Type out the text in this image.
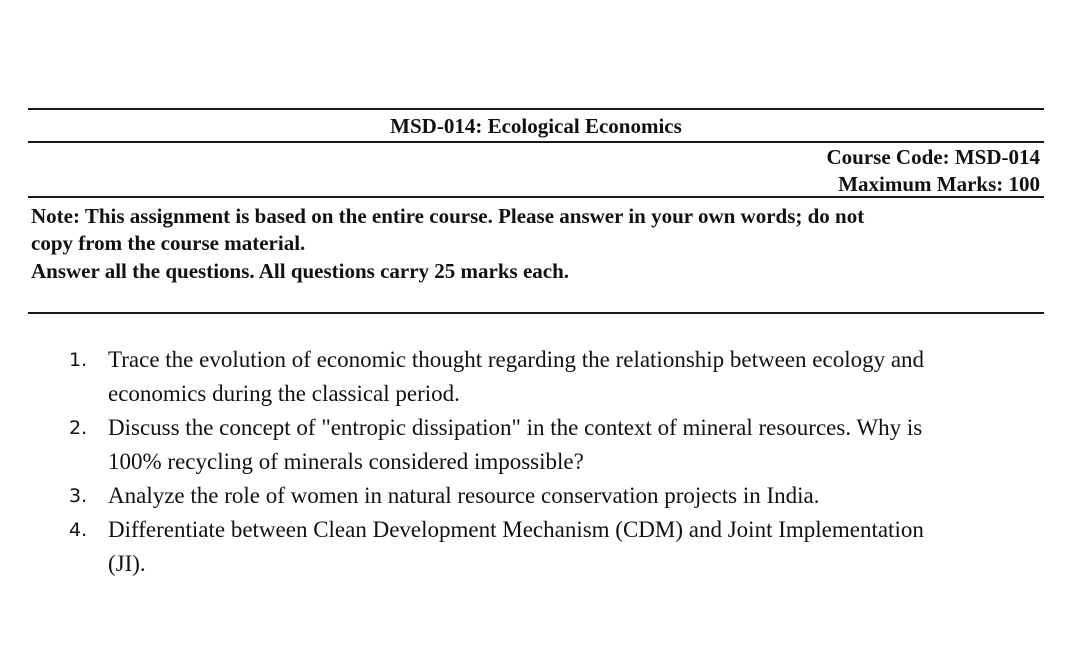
MSD-014: Ecological Economics
Course Code: MSD-014
Maximum Marks: 100
Note: This assignment is based on the entire course. Please answer in your own words; do not
copy from the course material.
Answer all the questions. All questions carry 25 marks each.
1. Trace the evolution of economic thought regarding the relationship between ecology and
economics during the classical period.
2. Discuss the concept of "entropic dissipation" in the context of mineral resources. Why is
100% recycling of minerals considered impossible?
3. Analyze the role of women in natural resource conservation projects in India.
4. Differentiate between Clean Development Mechanism (CDM) and Joint Implementation
(JI).
